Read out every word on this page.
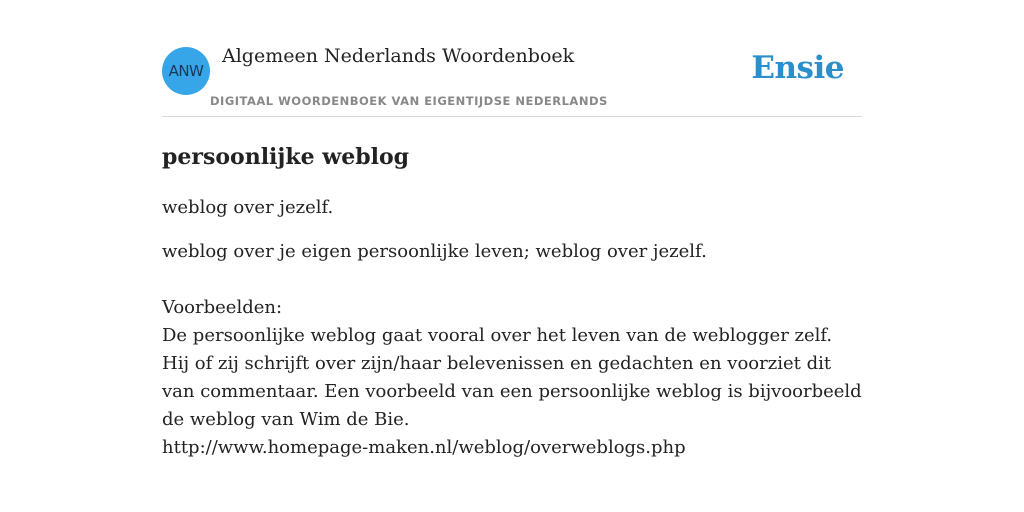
ANW
Algemeen Nederlands Woordenboek
DIGITAAL WOORDENBOEK VAN EIGENTIJDSE NEDERLANDS
Ensie
persoonlijke weblog
weblog over jezelf.
weblog over je eigen persoonlijke leven; weblog over jezelf.

Voorbeelden:

De persoonlijke weblog gaat vooral over het leven van de weblogger zelf. Hij of zij schrijft over zijn/haar belevenissen en gedachten en voorziet dit van commentaar. Een voorbeeld van een persoonlijke weblog is bijvoorbeeld de weblog van Wim de Bie.

http://www.homepage-maken.nl/weblog/overweblogs.php
